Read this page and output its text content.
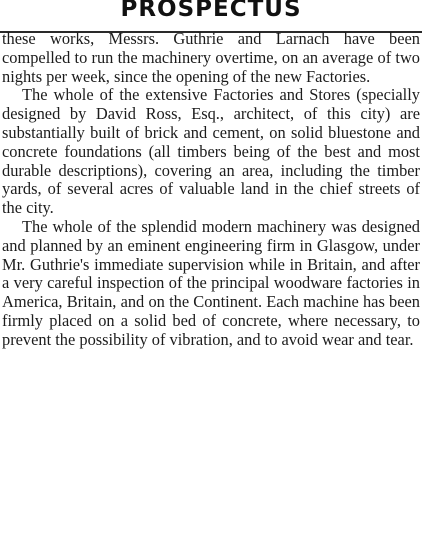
PROSPECTUS

these works, Messrs. Guthrie and Larnach have been compelled to run the machinery overtime, on an average of two nights per week, since the opening of the new Factories.

The whole of the extensive Factories and Stores (specially designed by David Ross, Esq., architect, of this city) are substantially built of brick and cement, on solid bluestone and concrete foundations (all timbers being of the best and most durable descriptions), covering an area, including the timber yards, of several acres of valuable land in the chief streets of the city.

The whole of the splendid modern machinery was designed and planned by an eminent engineering firm in Glasgow, under Mr. Guthrie's immediate supervision while in Britain, and after a very careful inspection of the principal woodware factories in America, Britain, and on the Continent. Each machine has been firmly placed on a solid bed of concrete, where necessary, to prevent the possibility of vibration, and to avoid wear and tear.
